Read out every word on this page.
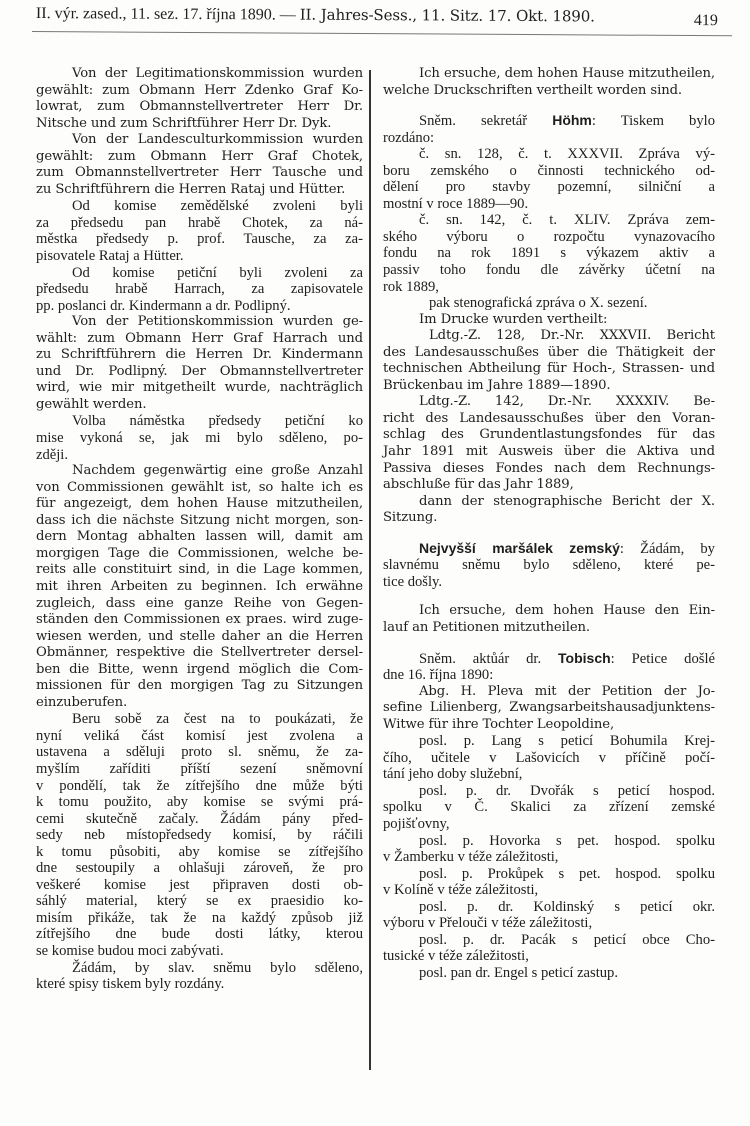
II. výr. zased., 11. sez. 17. října 1890. — II. Jahres-Sess., 11. Sitz. 17. Okt. 1890.	419
Von der Legitimationskommission wurden
gewählt: zum Obmann Herr Zdenko Graf Ko-
lowrat, zum Obmannstellvertreter Herr Dr.
Nitsche und zum Schriftführer Herr Dr. Dyk.
Von der Landesculturkommission wurden
gewählt: zum Obmann Herr Graf Chotek,
zum Obmannstellvertreter Herr Tausche und
zu Schriftführern die Herren Rataj und Hütter.
Od komise zemědělské zvoleni byli
za předsedu pan hrabě Chotek, za ná-
městka předsedy p. prof. Tausche, za za-
pisovatele Rataj a Hütter.
Od komise petiční byli zvoleni za
předsedu hrabě Harrach, za zapisovatele
pp. poslanci dr. Kindermann a dr. Podlipný.
Von der Petitionskommission wurden ge-
wählt: zum Obmann Herr Graf Harrach und
zu Schriftführern die Herren Dr. Kindermann
und Dr. Podlipný. Der Obmannstellvertreter
wird, wie mir mitgetheilt wurde, nachträglich
gewählt werden.
Volba náměstka předsedy petiční ko
mise vykoná se, jak mi bylo sděleno, po-
zději.
Nachdem gegenwärtig eine große Anzahl
von Commissionen gewählt ist, so halte ich es
für angezeigt, dem hohen Hause mitzutheilen,
dass ich die nächste Sitzung nicht morgen, son-
dern Montag abhalten lassen will, damit am
morgigen Tage die Commissionen, welche be-
reits alle constituirt sind, in die Lage kommen,
mit ihren Arbeiten zu beginnen. Ich erwähne
zugleich, dass eine ganze Reihe von Gegen-
ständen den Commissionen ex praes. wird zuge-
wiesen werden, und stelle daher an die Herren
Obmänner, respektive die Stellvertreter dersel-
ben die Bitte, wenn irgend möglich die Com-
missionen für den morgigen Tag zu Sitzungen
einzuberufen.
Beru sobě za čest na to poukázati, že
nyní veliká část komisí jest zvolena a
ustavena a sděluji proto sl. sněmu, že za-
myšlím zaříditi příští sezení sněmovní
v pondělí, tak že zítřejšího dne může býti
k tomu použito, aby komise se svými prá-
cemi skutečně začaly. Žádám pány před-
sedy neb místopředsedy komisí, by ráčili
k tomu působiti, aby komise se zítřejšího
dne sestoupily a ohlašuji zároveň, že pro
veškeré komise jest připraven dosti ob-
sáhlý material, který se ex praesidio ko-
misím přikáže, tak že na každý způsob již
zítřejšího dne bude dosti látky, kterou
se komise budou moci zabývati.
Žádám, by slav. sněmu bylo sděleno,
které spisy tiskem byly rozdány.
Ich ersuche, dem hohen Hause mitzutheilen,
welche Druckschriften vertheilt worden sind.
Sněm. sekretář Höhm: Tiskem bylo
rozdáno:
č. sn. 128, č. t. XXXVII. Zpráva vý-
boru zemského o činnosti technického od-
dělení pro stavby pozemní, silniční a
mostní v roce 1889—90.
č. sn. 142, č. t. XLIV. Zpráva zem-
ského výboru o rozpočtu vynazovacího
fondu na rok 1891 s výkazem aktiv a
passiv toho fondu dle závěrky účetní na
rok 1889,
pak stenografická zpráva o X. sezení.
Im Drucke wurden vertheilt:
Ldtg.-Z. 128, Dr.-Nr. XXXVII. Bericht
des Landesausschußes über die Thätigkeit der
technischen Abtheilung für Hoch-, Strassen- und
Brückenbau im Jahre 1889—1890.
Ldtg.-Z. 142, Dr.-Nr. XXXXIV. Be-
richt des Landesausschußes über den Voran-
schlag des Grundentlastungsfondes für das
Jahr 1891 mit Ausweis über die Aktiva und
Passiva dieses Fondes nach dem Rechnungs-
abschluße für das Jahr 1889,
dann der stenographische Bericht der X.
Sitzung.
Nejvyšší maršálek zemský: Žádám, by
slavnému sněmu bylo sděleno, které pe-
tice došly.
Ich ersuche, dem hohen Hause den Ein-
lauf an Petitionen mitzutheilen.
Sněm. aktůár dr. Tobisch: Petice došlé
dne 16. října 1890:
Abg. H. Pleva mit der Petition der Jo-
sefine Lilienberg, Zwangsarbeitshausadjunktens-
Witwe für ihre Tochter Leopoldine,
posl. p. Lang s peticí Bohumila Krej-
čího, učitele v Lašovicích v příčině počí-
tání jeho doby služební,
posl. p. dr. Dvořák s peticí hospod.
spolku v Č. Skalici za zřízení zemské
pojišťovny,
posl. p. Hovorka s pet. hospod. spolku
v Žamberku v téže záležitosti,
posl. p. Prokůpek s pet. hospod. spolku
v Kolíně v téže záležitosti,
posl. p. dr. Koldinský s peticí okr.
výboru v Přelouči v téže záležitosti,
posl. p. dr. Pacák s peticí obce Cho-
tusické v téže záležitosti,
posl. pan dr. Engel s peticí zastup.
